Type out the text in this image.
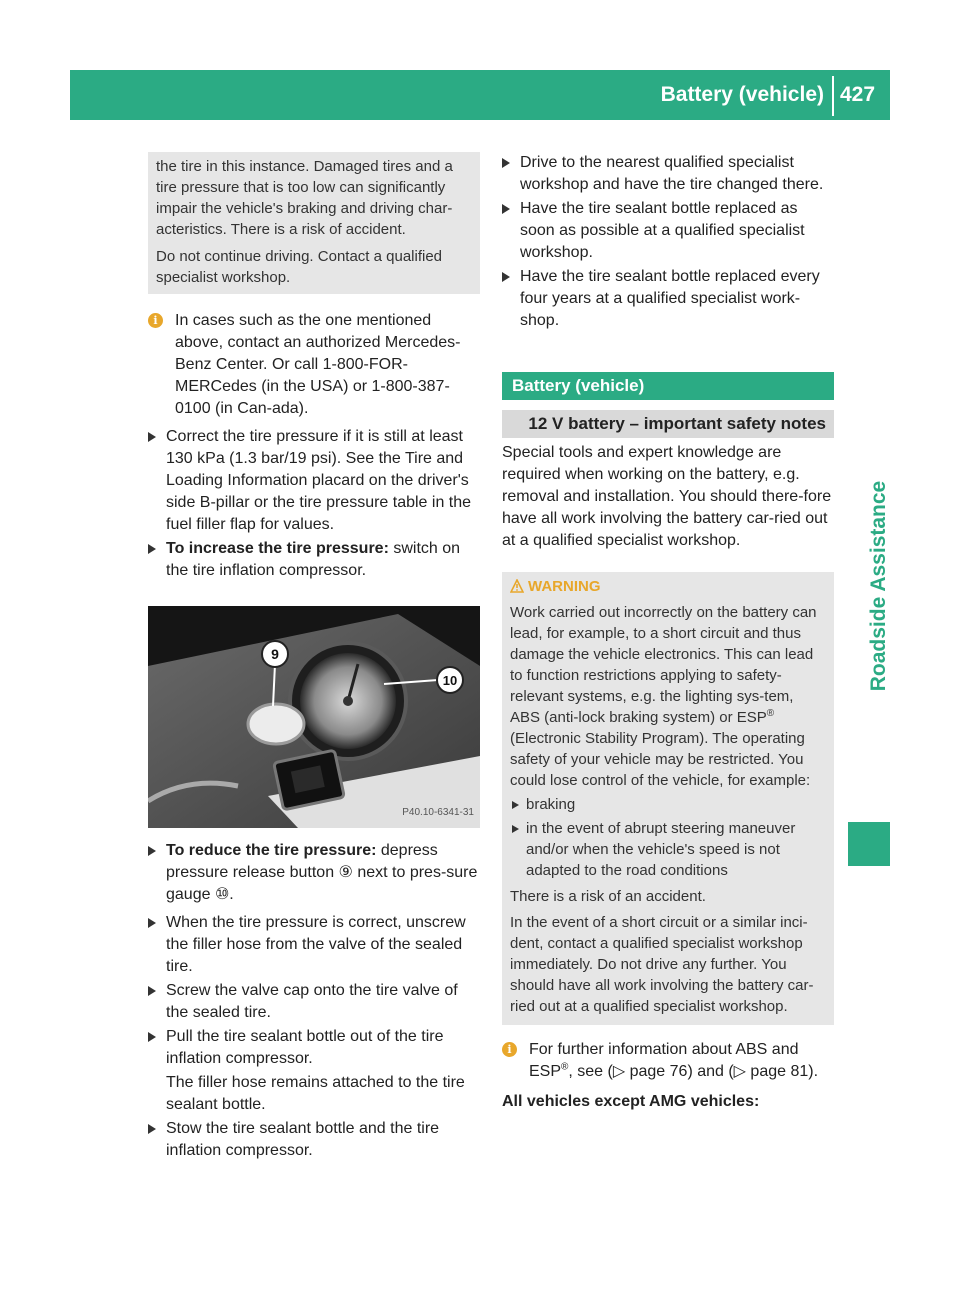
Battery (vehicle) 427
Roadside Assistance

the tire in this instance. Damaged tires and a tire pressure that is too low can significantly impair the vehicle's braking and driving char-acteristics. There is a risk of accident.

Do not continue driving. Contact a qualified specialist workshop.

i	In cases such as the one mentioned above, contact an authorized Mercedes-Benz Center. Or call 1-800-FOR-MERCedes (in the USA) or 1-800-387-0100 (in Can-ada).
Correct the tire pressure if it is still at least 130 kPa (1.3 bar/19 psi). See the Tire and Loading Information placard on the driver's side B-pillar or the tire pressure table in the fuel filler flap for values.
To increase the tire pressure: switch on the tire inflation compressor.
9
10
P40.10-6341-31
To reduce the tire pressure: depress pressure release button ⑨ next to pres-sure gauge ⑩.
When the tire pressure is correct, unscrew the filler hose from the valve of the sealed tire.
Screw the valve cap onto the tire valve of the sealed tire.
Pull the tire sealant bottle out of the tire inflation compressor.
The filler hose remains attached to the tire sealant bottle.
Stow the tire sealant bottle and the tire inflation compressor.
Drive to the nearest qualified specialist workshop and have the tire changed there.
Have the tire sealant bottle replaced as soon as possible at a qualified specialist workshop.
Have the tire sealant bottle replaced every four years at a qualified specialist work-shop.
Battery (vehicle)
12 V battery – important safety notes
Special tools and expert knowledge are required when working on the battery, e.g. removal and installation. You should there-fore have all work involving the battery car-ried out at a qualified specialist workshop.
WARNING

Work carried out incorrectly on the battery can lead, for example, to a short circuit and thus damage the vehicle electronics. This can lead to function restrictions applying to safety-relevant systems, e.g. the lighting sys-tem, ABS (anti-lock braking system) or ESP® (Electronic Stability Program). The operating safety of your vehicle may be restricted. You could lose control of the vehicle, for example:

braking
in the event of abrupt steering maneuver and/or when the vehicle's speed is not adapted to the road conditions

There is a risk of an accident.

In the event of a short circuit or a similar inci-dent, contact a qualified specialist workshop immediately. Do not drive any further. You should have all work involving the battery car-ried out at a qualified specialist workshop.

i	For further information about ABS and ESP®, see (▷ page 76) and (▷ page 81).
All vehicles except AMG vehicles:
